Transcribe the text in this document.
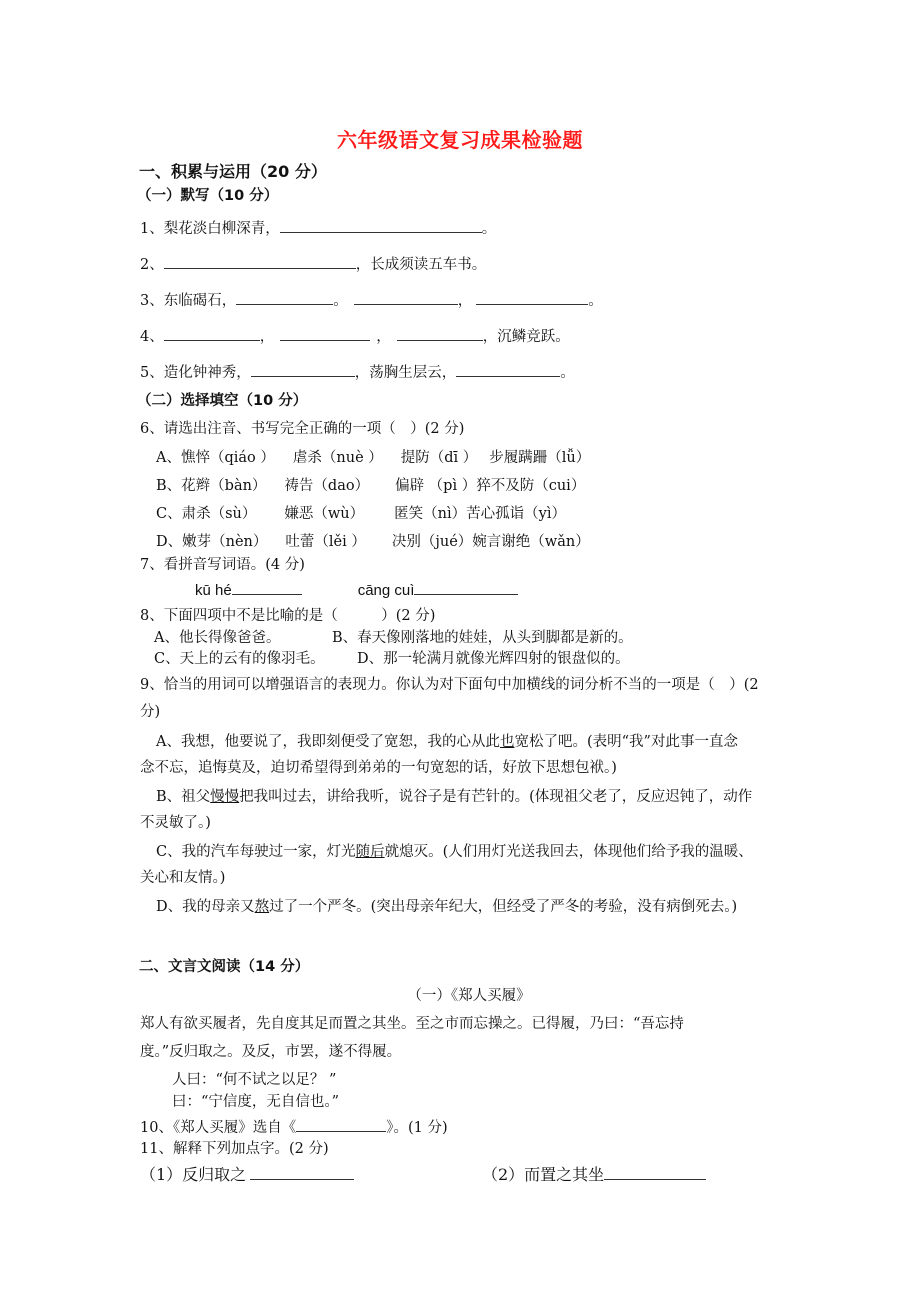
六年级语文复习成果检验题
一、积累与运用（20 分）
（一）默写（10 分）
1、梨花淡白柳深青，	。
2、	，长成须读五车书。
3、东临碣石，	。	，	。
4、	，	，	，沉鳞竞跃。
5、造化钟神秀，	，荡胸生层云，	。
（二）选择填空（10 分）
6、请选出注音、书写完全正确的一项（　）(2 分)
A、憔悴（qiáo ） 虐杀（nuè ） 提防（dī ） 步履蹒跚（lǚ）
B、花辫（bàn） 祷告（dao） 偏辟 （pì ）猝不及防（cui）
C、肃杀（sù） 嫌恶（wù） 匿笑（nì）苦心孤诣（yì）
D、嫩芽（nèn） 吐蕾（lěi ） 决别（jué）婉言谢绝（wǎn）
7、看拼音写词语。(4 分)
kū hé	cāng cuì
8、下面四项中不是比喻的是（　　　）(2 分)
A、他长得像爸爸。	B、春天像刚落地的娃娃，从头到脚都是新的。
C、天上的云有的像羽毛。 D、那一轮满月就像光辉四射的银盘似的。
9、恰当的用词可以增强语言的表现力。你认为对下面句中加横线的词分析不当的一项是（　）(2
分)
A、我想，他要说了，我即刻便受了宽恕，我的心从此也宽松了吧。(表明“我”对此事一直念
念不忘，追悔莫及，迫切希望得到弟弟的一句宽恕的话，好放下思想包袱。)
B、祖父慢慢把我叫过去，讲给我听，说谷子是有芒针的。(体现祖父老了，反应迟钝了，动作
不灵敏了。)
C、我的汽车每驶过一家，灯光随后就熄灭。(人们用灯光送我回去，体现他们给予我的温暖、
关心和友情。)
D、我的母亲又熬过了一个严冬。(突出母亲年纪大，但经受了严冬的考验，没有病倒死去。)
二、文言文阅读（14 分）
（一）《郑人买履》
郑人有欲买履者，先自度其足而置之其坐。至之市而忘操之。已得履，乃曰：“吾忘持
度。”反归取之。及反，市罢，遂不得履。
人曰：“何不试之以足？ ”
曰：“宁信度，无自信也。”
10、《郑人买履》选自《	》。(1 分)
11、解释下列加点字。(2 分)
（1）反归取之	（2）而置之其坐
